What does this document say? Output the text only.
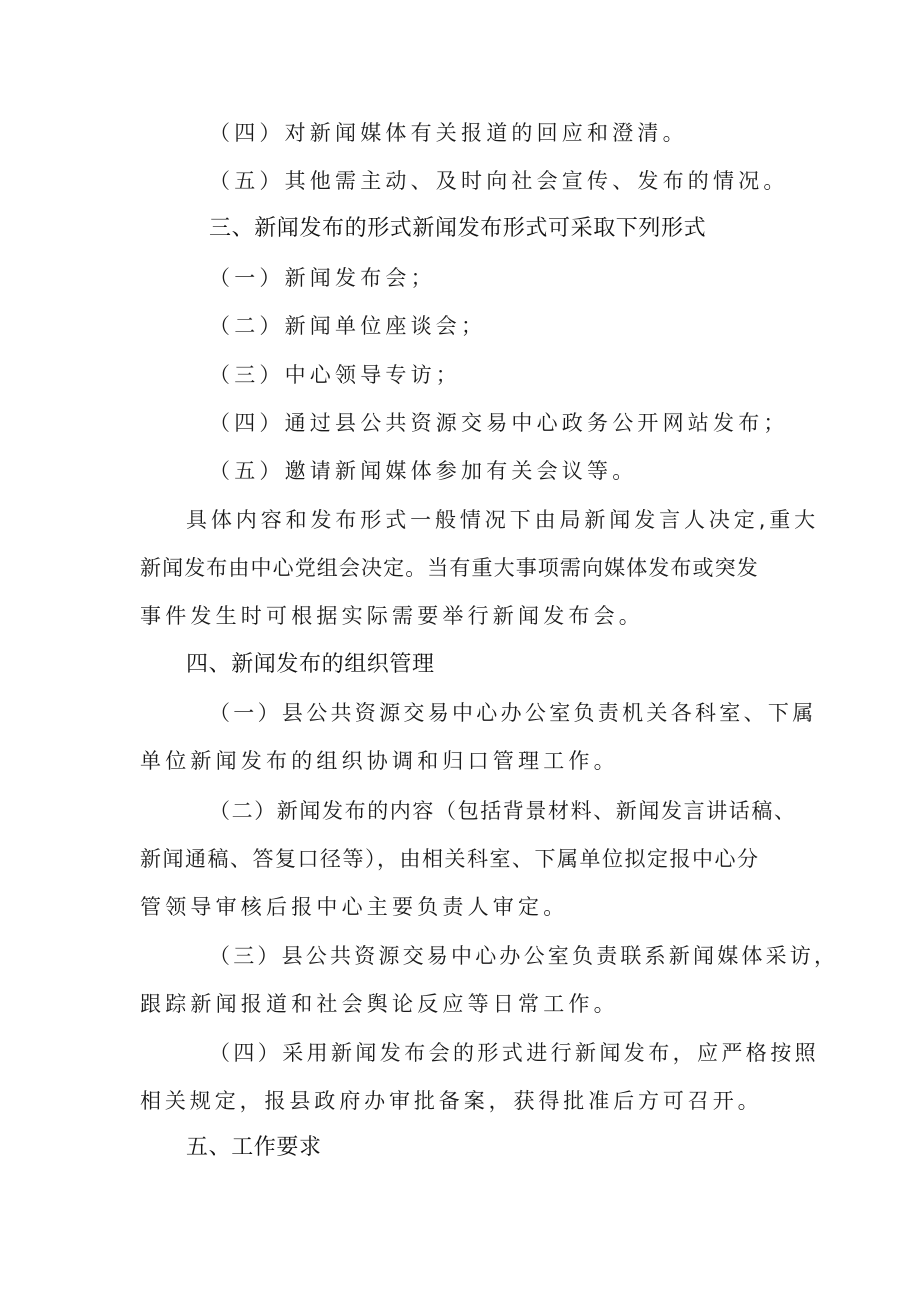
（四）对新闻媒体有关报道的回应和澄清。
（五）其他需主动、及时向社会宣传、发布的情况。
三、新闻发布的形式新闻发布形式可采取下列形式
（一）新闻发布会；
（二）新闻单位座谈会；
（三）中心领导专访；
（四）通过县公共资源交易中心政务公开网站发布；
（五）邀请新闻媒体参加有关会议等。
具体内容和发布形式一般情况下由局新闻发言人决定,重大
新闻发布由中心党组会决定。当有重大事项需向媒体发布或突发
事件发生时可根据实际需要举行新闻发布会。
四、新闻发布的组织管理
（一）县公共资源交易中心办公室负责机关各科室、下属
单位新闻发布的组织协调和归口管理工作。
（二）新闻发布的内容（包括背景材料、新闻发言讲话稿、
新闻通稿、答复口径等），由相关科室、下属单位拟定报中心分
管领导审核后报中心主要负责人审定。
（三）县公共资源交易中心办公室负责联系新闻媒体采访，
跟踪新闻报道和社会舆论反应等日常工作。
（四）采用新闻发布会的形式进行新闻发布，应严格按照
相关规定，报县政府办审批备案，获得批准后方可召开。
五、工作要求
